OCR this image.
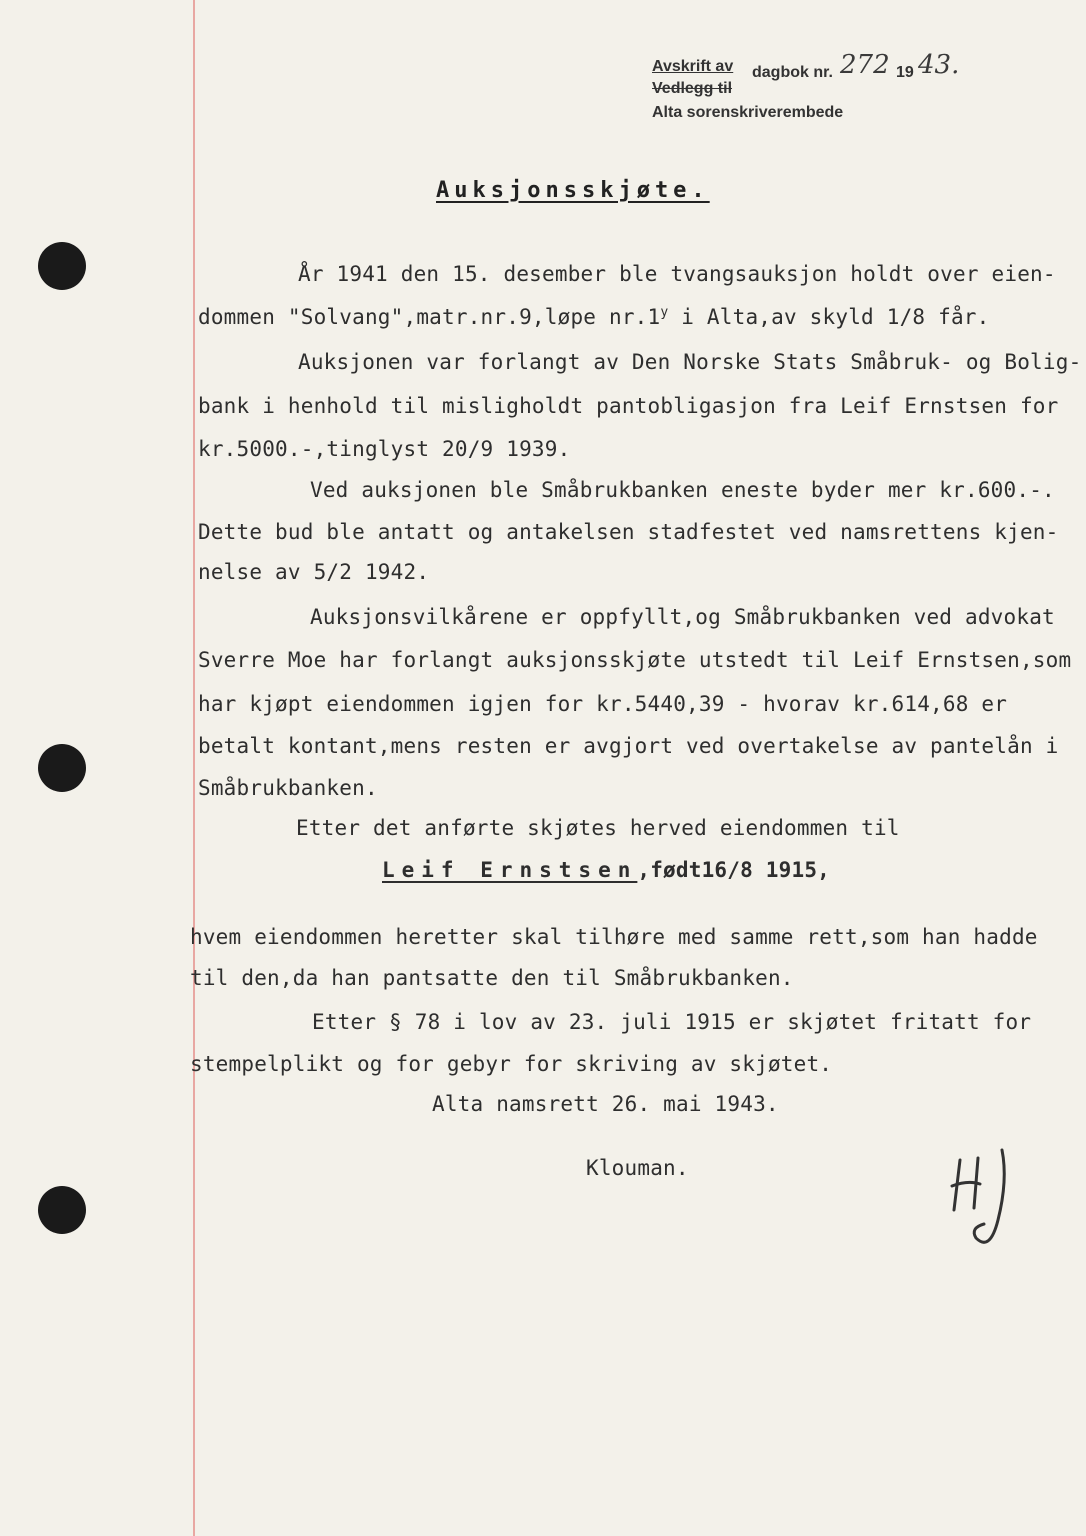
Avskrift av
Vedlegg til
dagbok nr. 272 19 43.
Alta sorenskriverembede
Auksjonsskjøte.
År 1941 den 15. desember ble tvangsauksjon holdt over eien-
dommen "Solvang",matr.nr.9,løpe nr.1$^y$ i Alta,av skyld 1/8 får.
Auksjonen var forlangt av Den Norske Stats Småbruk- og Bolig-
bank i henhold til misligholdt pantobligasjon fra Leif Ernstsen for
kr.5000.-,tinglyst 20/9 1939.
Ved auksjonen ble Småbrukbanken eneste byder mer kr.600.-.
Dette bud ble antatt og antakelsen stadfestet ved namsrettens kjen-
nelse av 5/2 1942.
Auksjonsvilkårene er oppfyllt,og Småbrukbanken ved advokat
Sverre Moe har forlangt auksjonsskjøte utstedt til Leif Ernstsen,som
har kjøpt eiendommen igjen for kr.5440,39 - hvorav kr.614,68 er
betalt kontant,mens resten er avgjort ved overtakelse av pantelån i
Småbrukbanken.
Etter det anførte skjøtes herved eiendommen til
Leif Ernstsen,født16/8 1915,
hvem eiendommen heretter skal tilhøre med samme rett,som han hadde
til den,da han pantsatte den til Småbrukbanken.
Etter § 78 i lov av 23. juli 1915 er skjøtet fritatt for
stempelplikt og for gebyr for skriving av skjøtet.
Alta namsrett 26. mai 1943.
Klouman.
